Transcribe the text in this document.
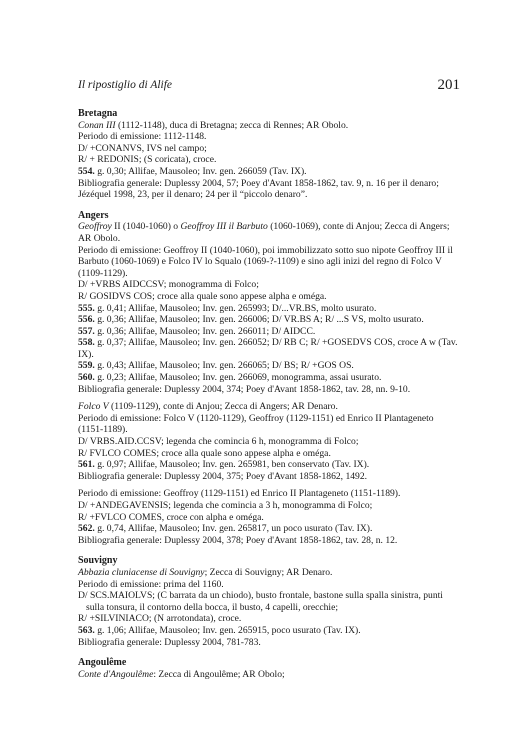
Il ripostiglio di Alife	201
Bretagna
Conan III (1112-1148), duca di Bretagna; zecca di Rennes; AR Obolo.
Periodo di emissione: 1112-1148.
D/ +CONANVS, IVS nel campo;
R/ + REDONIS; (S coricata), croce.
554. g. 0,30; Allifae, Mausoleo; Inv. gen. 266059 (Tav. IX).
Bibliografia generale: Duplessy 2004, 57; Poey d'Avant 1858-1862, tav. 9, n. 16 per il denaro; Jézéquel 1998, 23, per il denaro; 24 per il “piccolo denaro”.
Angers
Geoffroy II (1040-1060) o Geoffroy III il Barbuto (1060-1069), conte di Anjou; Zecca di Angers; AR Obolo.
Periodo di emissione: Geoffroy II (1040-1060), poi immobilizzato sotto suo nipote Geoffroy III il Barbuto (1060-1069) e Folco IV lo Squalo (1069-?-1109) e sino agli inizi del regno di Folco V (1109-1129).
D/ +VRBS AIDCCSV; monogramma di Folco;
R/ GOSIDVS COS; croce alla quale sono appese alpha e oméga.
555. g. 0,41; Allifae, Mausoleo; Inv. gen. 265993; D/...VR.BS, molto usurato.
556. g. 0,36; Allifae, Mausoleo; Inv. gen. 266006; D/ VR.BS A; R/ ...S VS, molto usurato.
557. g. 0,36; Allifae, Mausoleo; Inv. gen. 266011; D/ AIDCC.
558. g. 0,37; Allifae, Mausoleo; Inv. gen. 266052; D/ RB C; R/ +GOSEDVS COS, croce A w (Tav. IX).
559. g. 0,43; Allifae, Mausoleo; Inv. gen. 266065; D/ BS; R/ +GOS OS.
560. g. 0,23; Allifae, Mausoleo; Inv. gen. 266069, monogramma, assai usurato.
Bibliografia generale: Duplessy 2004, 374; Poey d'Avant 1858-1862, tav. 28, nn. 9-10.
Folco V (1109-1129), conte di Anjou; Zecca di Angers; AR Denaro.
Periodo di emissione: Folco V (1120-1129), Geoffroy (1129-1151) ed Enrico II Plantageneto (1151-1189).
D/ VRBS.AID.CCSV; legenda che comincia 6 h, monogramma di Folco;
R/ FVLCO COMES; croce alla quale sono appese alpha e oméga.
561. g. 0,97; Allifae, Mausoleo; Inv. gen. 265981, ben conservato (Tav. IX).
Bibliografia generale: Duplessy 2004, 375; Poey d'Avant 1858-1862, 1492.
Periodo di emissione: Geoffroy (1129-1151) ed Enrico II Plantageneto (1151-1189).
D/ +ANDEGAVENSIS; legenda che comincia a 3 h, monogramma di Folco;
R/ +FVLCO COMES, croce con alpha e oméga.
562. g. 0,74, Allifae, Mausoleo; Inv. gen. 265817, un poco usurato (Tav. IX).
Bibliografia generale: Duplessy 2004, 378; Poey d'Avant 1858-1862, tav. 28, n. 12.
Souvigny
Abbazia cluniacense di Souvigny; Zecca di Souvigny; AR Denaro.
Periodo di emissione: prima del 1160.
D/ SCS.MAIOLVS; (C barrata da un chiodo), busto frontale, bastone sulla spalla sinistra, punti sulla tonsura, il contorno della bocca, il busto, 4 capelli, orecchie;
R/ +SILVINIACO; (N arrotondata), croce.
563. g. 1,06; Allifae, Mausoleo; Inv. gen. 265915, poco usurato (Tav. IX).
Bibliografia generale: Duplessy 2004, 781-783.
Angoulême
Conte d'Angoulême: Zecca di Angoulême; AR Obolo;
